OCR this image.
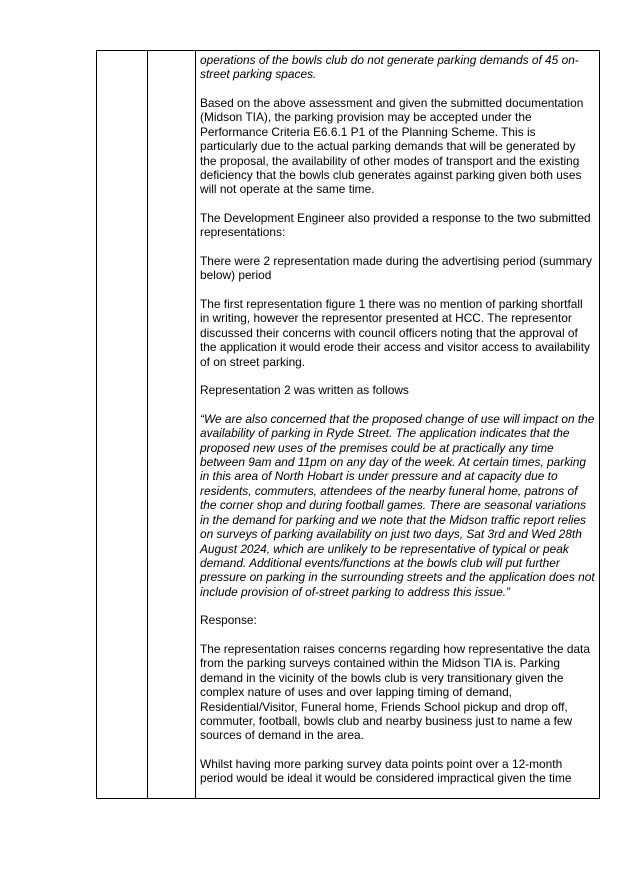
operations of the bowls club do not generate parking demands of 45 on-street parking spaces.

Based on the above assessment and given the submitted documentation (Midson TIA), the parking provision may be accepted under the Performance Criteria E6.6.1 P1 of the Planning Scheme. This is particularly due to the actual parking demands that will be generated by the proposal, the availability of other modes of transport and the existing deficiency that the bowls club generates against parking given both uses will not operate at the same time.

The Development Engineer also provided a response to the two submitted representations:

There were 2 representation made during the advertising period (summary below) period

The first representation figure 1 there was no mention of parking shortfall in writing, however the representor presented at HCC. The representor discussed their concerns with council officers noting that the approval of the application it would erode their access and visitor access to availability of on street parking.

Representation 2 was written as follows

“We are also concerned that the proposed change of use will impact on the availability of parking in Ryde Street. The application indicates that the proposed new uses of the premises could be at practically any time between 9am and 11pm on any day of the week. At certain times, parking in this area of North Hobart is under pressure and at capacity due to residents, commuters, attendees of the nearby funeral home, patrons of the corner shop and during football games. There are seasonal variations in the demand for parking and we note that the Midson traffic report relies on surveys of parking availability on just two days, Sat 3rd and Wed 28th August 2024, which are unlikely to be representative of typical or peak demand. Additional events/functions at the bowls club will put further pressure on parking in the surrounding streets and the application does not include provision of of-street parking to address this issue.”

Response:

The representation raises concerns regarding how representative the data from the parking surveys contained within the Midson TIA is. Parking demand in the vicinity of the bowls club is very transitionary given the complex nature of uses and over lapping timing of demand, Residential/Visitor, Funeral home, Friends School pickup and drop off, commuter, football, bowls club and nearby business just to name a few sources of demand in the area.

Whilst having more parking survey data points point over a 12-month period would be ideal it would be considered impractical given the time
